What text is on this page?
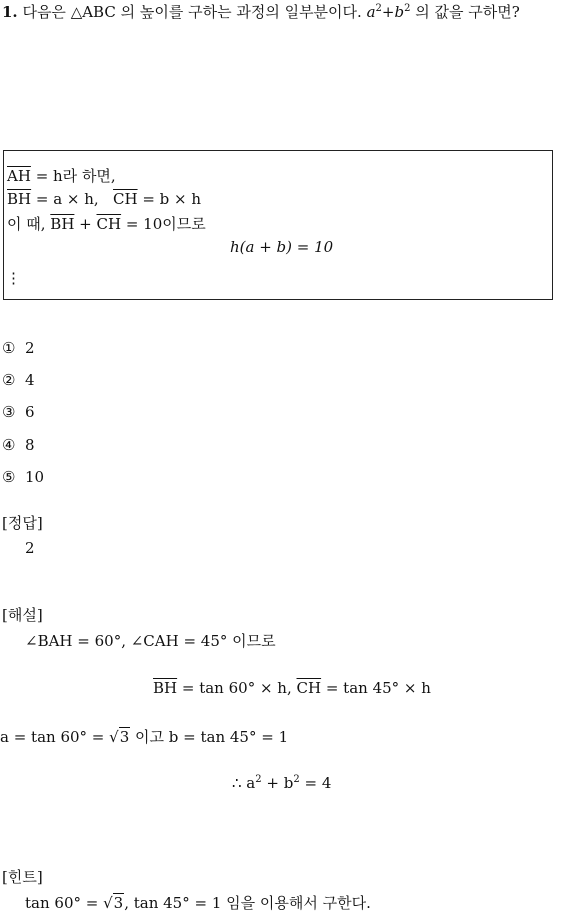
1. 다음은 △ABC 의 높이를 구하는 과정의 일부분이다. $a^2+b^2$ 의 값을 구하면?
$\overline{AH} = h$라 하면,
$\overline{BH} = a \times h$, $\overline{CH} = b \times h$
이 때, $\overline{BH} + \overline{CH} = 10$이므로
h(a + b) = 10
⋮
① 2
② 4
③ 6
④ 8
⑤ 10
[정답]
2
[해설]
∠BAH = 60°, ∠CAH = 45° 이므로
$\overline{BH} = \tan 60^\circ \times h$, $\overline{CH} = \tan 45^\circ \times h$
a = tan 60° = √3 이고 b = tan 45° = 1
∴ $a^2 + b^2 = 4$
[힌트]
tan 60° = √3, tan 45° = 1 임을 이용해서 구한다.
